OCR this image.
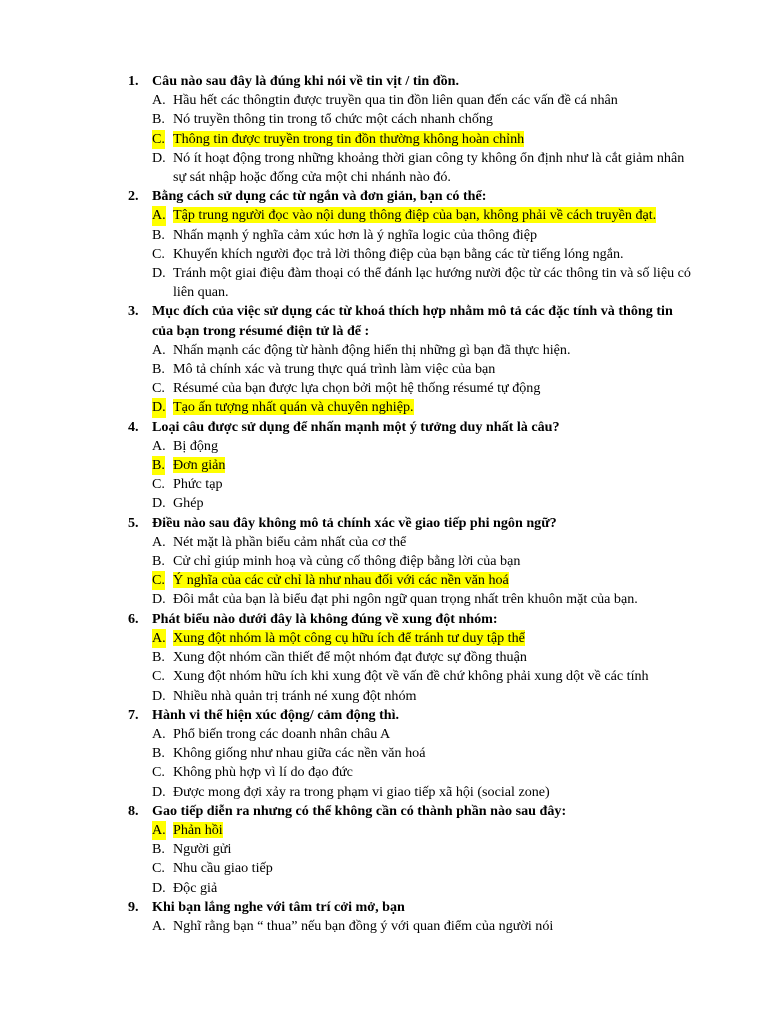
1. Câu nào sau đây là đúng khi nói về tin vịt / tin đồn.
A. Hầu hết các thôngtin được truyền qua tin đồn liên quan đến các vấn đề cá nhân
B. Nó truyền thông tin trong tổ chức một cách nhanh chống
C. Thông tin được truyền trong tin đồn thường không hoàn chỉnh
D. Nó ít hoạt động trong những khoảng thời gian công ty không ổn định như là cắt giảm nhân sự sát nhập hoặc đống cửa một chi nhánh nào đó.
2. Bằng cách sử dụng các từ ngắn và đơn giản, bạn có thể:
A. Tập trung người đọc vào nội dung thông điệp của bạn, không phải về cách truyền đạt.
B. Nhấn mạnh ý nghĩa cảm xúc hơn là ý nghĩa logic của thông điệp
C. Khuyến khích người đọc trả lời thông điệp của bạn bằng các từ tiếng lóng ngắn.
D. Tránh một giai điệu đàm thoại có thể đánh lạc hướng nười độc từ các thông tin và số liệu có liên quan.
3. Mục đích của việc sử dụng các từ khoá thích hợp nhằm mô tả các đặc tính và thông tin của bạn trong résumé điện tử là để :
A. Nhấn mạnh các động từ hành động hiển thị những gì bạn đã thực hiện.
B. Mô tả chính xác và trung thực quá trình làm việc của bạn
C. Résumé của bạn được lựa chọn bởi một hệ thống résumé tự động
D. Tạo ấn tượng nhất quán và chuyên nghiệp.
4. Loại câu được sử dụng để nhấn mạnh một ý tưởng duy nhất là câu?
A. Bị động
B. Đơn giản
C. Phức tạp
D. Ghép
5. Điều nào sau đây không mô tả chính xác về giao tiếp phi ngôn ngữ?
A. Nét mặt là phần biểu cảm nhất của cơ thể
B. Cử chỉ giúp minh hoạ và củng cố thông điệp bằng lời của bạn
C. Ý nghĩa của các cử chỉ là như nhau đối với các nền văn hoá
D. Đôi mắt của bạn là biểu đạt phi ngôn ngữ quan trọng nhất trên khuôn mặt của bạn.
6. Phát biểu nào dưới đây là không đúng về xung đột nhóm:
A. Xung đột nhóm là một công cụ hữu ích để tránh tư duy tập thể
B. Xung đột nhóm cần thiết để một nhóm đạt được sự đồng thuận
C. Xung đột nhóm hữu ích khi xung đột về vấn đề chứ không phải xung dột về các tính
D. Nhiều nhà quản trị tránh né xung đột nhóm
7. Hành vi thể hiện xúc động/ cảm động thì.
A. Phổ biến trong các doanh nhân châu A
B. Không giống như nhau giữa các nền văn hoá
C. Không phù hợp vì lí do đạo đức
D. Được mong đợi xảy ra trong phạm vi giao tiếp xã hội (social zone)
8. Gao tiếp diễn ra nhưng có thể không cần có thành phần nào sau đây:
A. Phản hồi
B. Người gửi
C. Nhu cầu giao tiếp
D. Độc giả
9. Khi bạn lắng nghe với tâm trí cởi mở, bạn
A. Nghĩ rằng bạn “ thua” nếu bạn đồng ý với quan điểm của người nói
